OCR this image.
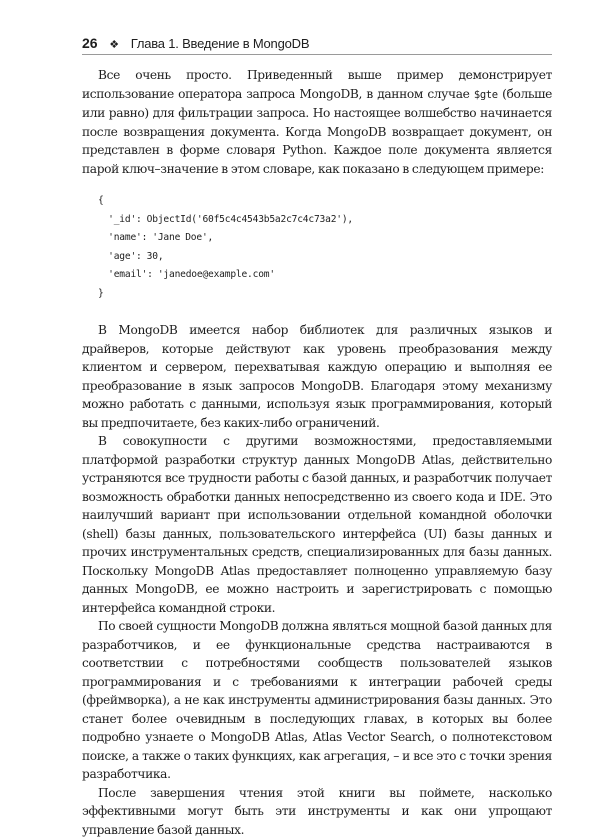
26 ❖ Глава 1. Введение в MongoDB

Все очень просто. Приведенный выше пример демонстрирует использование оператора запроса MongoDB, в данном случае $gte (больше или равно) для фильтрации запроса. Но настоящее волшебство начинается после возвращения документа. Когда MongoDB возвращает документ, он представлен в форме словаря Python. Каждое поле документа является парой ключ–значение в этом словаре, как показано в следующем примере:

{
'_id': ObjectId('60f5c4c4543b5a2c7c4c73a2'),
'name': 'Jane Doe',
'age': 30,
'email': 'janedoe@example.com'
}

В MongoDB имеется набор библиотек для различных языков и драйверов, которые действуют как уровень преобразования между клиентом и сервером, перехватывая каждую операцию и выполняя ее преобразование в язык запросов MongoDB. Благодаря этому механизму можно работать с данными, используя язык программирования, который вы предпочитаете, без каких-либо ограничений.

В совокупности с другими возможностями, предоставляемыми платформой разработки структур данных MongoDB Atlas, действительно устраняются все трудности работы с базой данных, и разработчик получает возможность обработки данных непосредственно из своего кода и IDE. Это наилучший вариант при использовании отдельной командной оболочки (shell) базы данных, пользовательского интерфейса (UI) базы данных и прочих инструментальных средств, специализированных для базы данных. Поскольку MongoDB Atlas предоставляет полноценно управляемую базу данных MongoDB, ее можно настроить и зарегистрировать с помощью интерфейса командной строки.

По своей сущности MongoDB должна являться мощной базой данных для разработчиков, и ее функциональные средства настраиваются в соответствии с потребностями сообществ пользователей языков программирования и с требованиями к интеграции рабочей среды (фреймворка), а не как инструменты администрирования базы данных. Это станет более очевидным в последующих главах, в которых вы более подробно узнаете о MongoDB Atlas, Atlas Vector Search, о полнотекстовом поиске, а также о таких функциях, как агрегация, – и все это с точки зрения разработчика.

После завершения чтения этой книги вы поймете, насколько эффективными могут быть эти инструменты и как они упрощают управление базой данных.
